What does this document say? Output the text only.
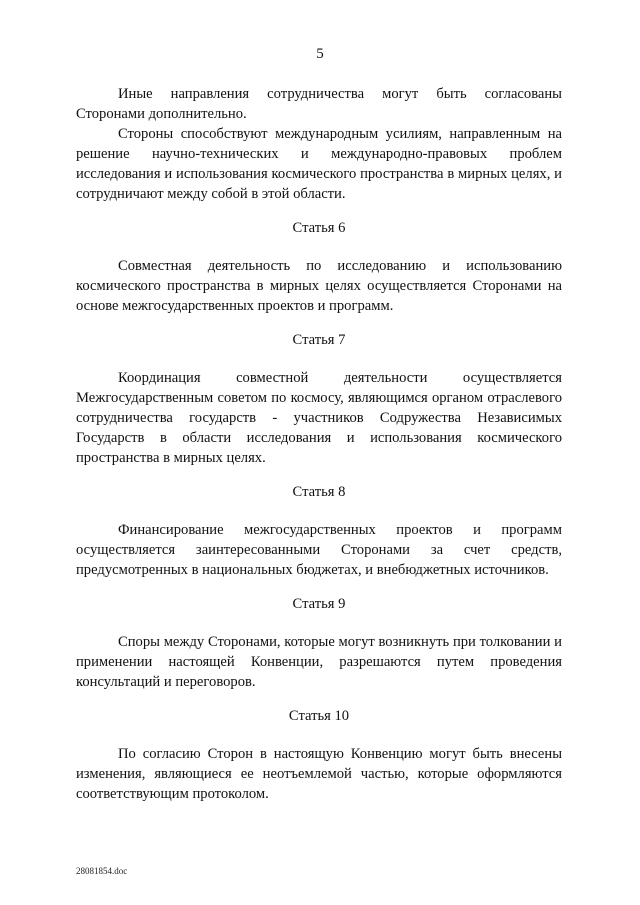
5

Иные направления сотрудничества могут быть согласованы Сторонами дополнительно.

Стороны способствуют международным усилиям, направленным на решение научно-технических и международно-правовых проблем исследования и использования космического пространства в мирных целях, и сотрудничают между собой в этой области.

Статья 6

Совместная деятельность по исследованию и использованию космического пространства в мирных целях осуществляется Сторонами на основе межгосударственных проектов и программ.

Статья 7

Координация совместной деятельности осуществляется Межгосударственным советом по космосу, являющимся органом отраслевого сотрудничества государств - участников Содружества Независимых Государств в области исследования и использования космического пространства в мирных целях.

Статья 8

Финансирование межгосударственных проектов и программ осуществляется заинтересованными Сторонами за счет средств, предусмотренных в национальных бюджетах, и внебюджетных источников.

Статья 9

Споры между Сторонами, которые могут возникнуть при толковании и применении настоящей Конвенции, разрешаются путем проведения консультаций и переговоров.

Статья 10

По согласию Сторон в настоящую Конвенцию могут быть внесены изменения, являющиеся ее неотъемлемой частью, которые оформляются соответствующим протоколом.

28081854.doc
